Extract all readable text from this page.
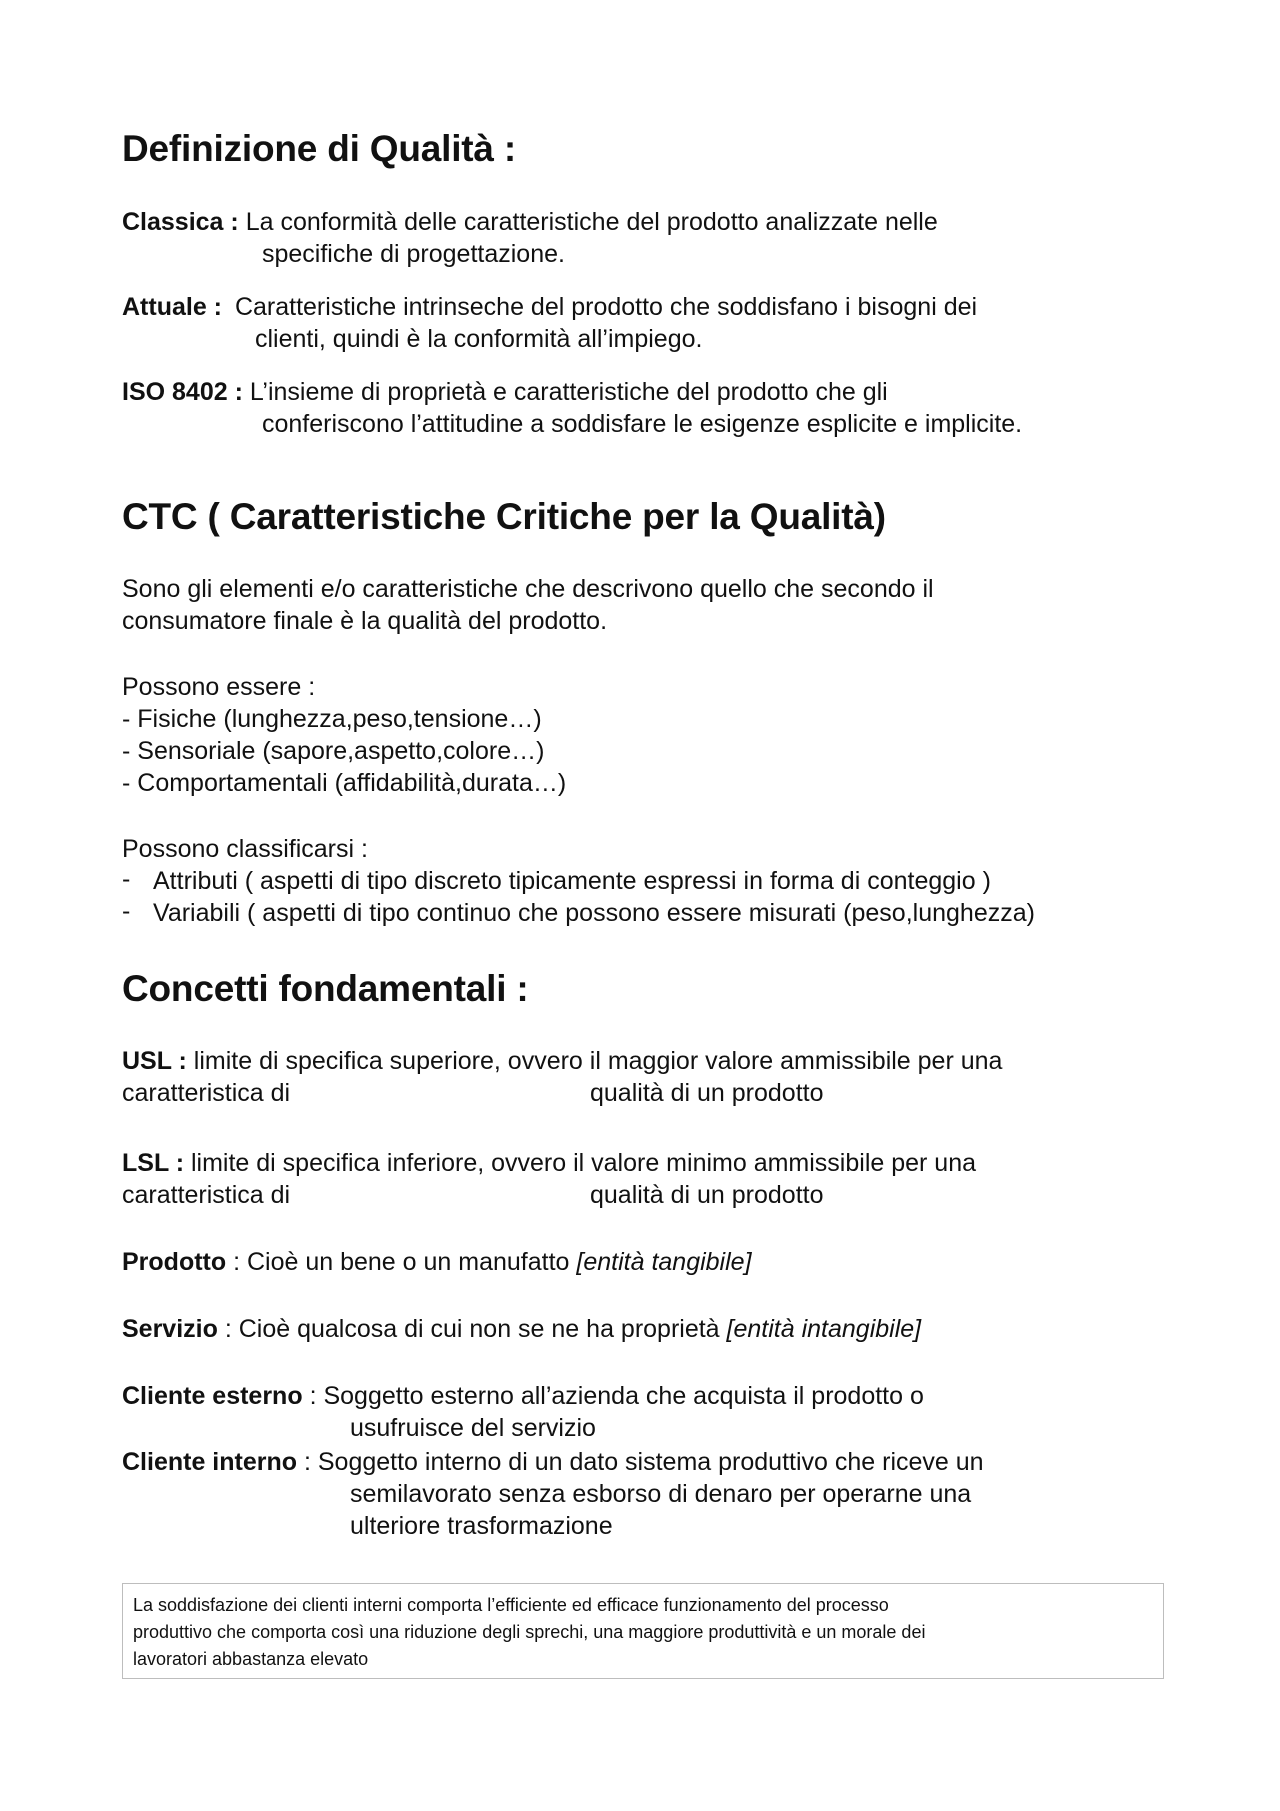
Definizione di Qualità :
Classica : La conformità delle caratteristiche del prodotto analizzate nelle
specifiche di progettazione.
Attuale : Caratteristiche intrinseche del prodotto che soddisfano i bisogni dei
clienti, quindi è la conformità all’impiego.
ISO 8402 : L’insieme di proprietà e caratteristiche del prodotto che gli
conferiscono l’attitudine a soddisfare le esigenze esplicite e implicite.
CTC ( Caratteristiche Critiche per la Qualità)
Sono gli elementi e/o caratteristiche che descrivono quello che secondo il
consumatore finale è la qualità del prodotto.
Possono essere :
- Fisiche (lunghezza,peso,tensione…)
- Sensoriale (sapore,aspetto,colore…)
- Comportamentali (affidabilità,durata…)
Possono classificarsi :
- Attributi ( aspetti di tipo discreto tipicamente espressi in forma di conteggio )
- Variabili ( aspetti di tipo continuo che possono essere misurati (peso,lunghezza)
Concetti fondamentali :
USL : limite di specifica superiore, ovvero il maggior valore ammissibile per una
caratteristica di	qualità di un prodotto
LSL : limite di specifica inferiore, ovvero il valore minimo ammissibile per una
caratteristica di	qualità di un prodotto
Prodotto : Cioè un bene o un manufatto [entità tangibile]
Servizio : Cioè qualcosa di cui non se ne ha proprietà [entità intangibile]
Cliente esterno : Soggetto esterno all’azienda che acquista il prodotto o
usufruisce del servizio
Cliente interno : Soggetto interno di un dato sistema produttivo che riceve un
semilavorato senza esborso di denaro per operarne una
ulteriore trasformazione
La soddisfazione dei clienti interni comporta l’efficiente ed efficace funzionamento del processo
produttivo che comporta così una riduzione degli sprechi, una maggiore produttività e un morale dei
lavoratori abbastanza elevato
